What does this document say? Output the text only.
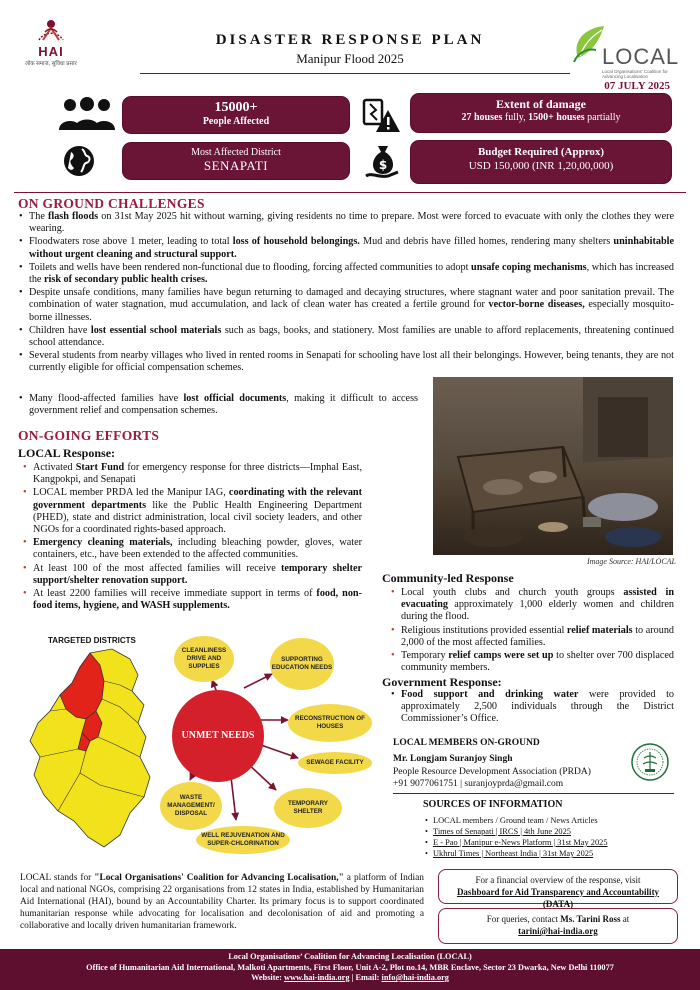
HAI
लोक समाज, सुविधा प्रसार
DISASTER RESPONSE PLAN
Manipur Flood 2025	LOCAL
Local Organisations' Coalition for Advancing Localisation
07 JULY 2025
$
15000+
People Affected
Extent of damage
27 houses fully, 1500+ houses partially
Most Affected District
SENAPATI
Budget Required (Approx)
USD 150,000 (INR 1,20,00,000)
ON GROUND CHALLENGES
• The flash floods on 31st May 2025 hit without warning, giving residents no time to prepare. Most were forced to evacuate with only the clothes they were wearing.
• Floodwaters rose above 1 meter, leading to total loss of household belongings. Mud and debris have filled homes, rendering many shelters uninhabitable without urgent cleaning and structural support.
• Toilets and wells have been rendered non-functional due to flooding, forcing affected communities to adopt unsafe coping mechanisms, which has increased the risk of secondary public health crises.
• Despite unsafe conditions, many families have begun returning to damaged and decaying structures, where stagnant water and poor sanitation prevail. The combination of water stagnation, mud accumulation, and lack of clean water has created a fertile ground for vector-borne diseases, especially mosquito-borne illnesses.
• Children have lost essential school materials such as bags, books, and stationery. Most families are unable to afford replacements, threatening continued school attendance.
• Several students from nearby villages who lived in rented rooms in Senapati for schooling have lost all their belongings. However, being tenants, they are not currently eligible for official compensation schemes.
• Many flood-affected families have lost official documents, making it difficult to access government relief and compensation schemes.
Image Source: HAI/LOCAL
ON-GOING EFFORTS
LOCAL Response:
• Activated Start Fund for emergency response for three districts—Imphal East, Kangpokpi, and Senapati
• LOCAL member PRDA led the Manipur IAG, coordinating with the relevant government departments like the Public Health Engineering Department (PHED), state and district administration, local civil society leaders, and other NGOs for a coordinated rights-based approach.
• Emergency cleaning materials, including bleaching powder, gloves, water containers, etc., have been extended to the affected communities.
• At least 100 of the most affected families will receive temporary shelter support/shelter renovation support.
• At least 2200 families will receive immediate support in terms of food, non-food items, hygiene, and WASH supplements.
Community-led Response
• Local youth clubs and church youth groups assisted in evacuating approximately 1,000 elderly women and children during the flood.
• Religious institutions provided essential relief materials to around 2,000 of the most affected families.
• Temporary relief camps were set up to shelter over 700 displaced community members.
Government Response:
• Food support and drinking water were provided to approximately 2,500 individuals through the District Commissioner’s Office.
TARGETED DISTRICTS
UNMET NEEDS
CLEANLINESS DRIVE AND SUPPLIES
SUPPORTING EDUCATION NEEDS
RECONSTRUCTION OF HOUSES
SEWAGE FACILITY
TEMPORARY SHELTER
WELL REJUVENATION AND SUPER-CHLORINATION
WASTE MANAGEMENT/ DISPOSAL
LOCAL MEMBERS ON-GROUND
Mr. Longjam Suranjoy Singh
People Resource Development Association (PRDA)
+91 9077061751 | suranjoyprda@gmail.com
SOURCES OF INFORMATION
• LOCAL members / Ground team / News Articles
• Times of Senapati | IRCS | 4th June 2025
• E - Pao | Manipur e-News Platform | 31st May 2025
• Ukhrul Times | Northeast India | 31st May 2025
LOCAL stands for "Local Organisations' Coalition for Advancing Localisation," a platform of Indian local and national NGOs, comprising 22 organisations from 12 states in India, established by Humanitarian Aid International (HAI), bound by an Accountability Charter. Its primary focus is to support coordinated humanitarian response while advocating for localisation and decolonisation of aid and promoting a collaborative and locally driven humanitarian framework.
For a financial overview of the response, visit
Dashboard for Aid Transparency and Accountability (DATA)
For queries, contact Ms. Tarini Ross at
tarini@hai-india.org
Local Organisations’ Coalition for Advancing Localisation (LOCAL)
Office of Humanitarian Aid International, Malkoti Apartments, First Floor, Unit A-2, Plot no.14, MBR Enclave, Sector 23 Dwarka, New Delhi 110077
Website: www.hai-india.org | Email: info@hai-india.org
